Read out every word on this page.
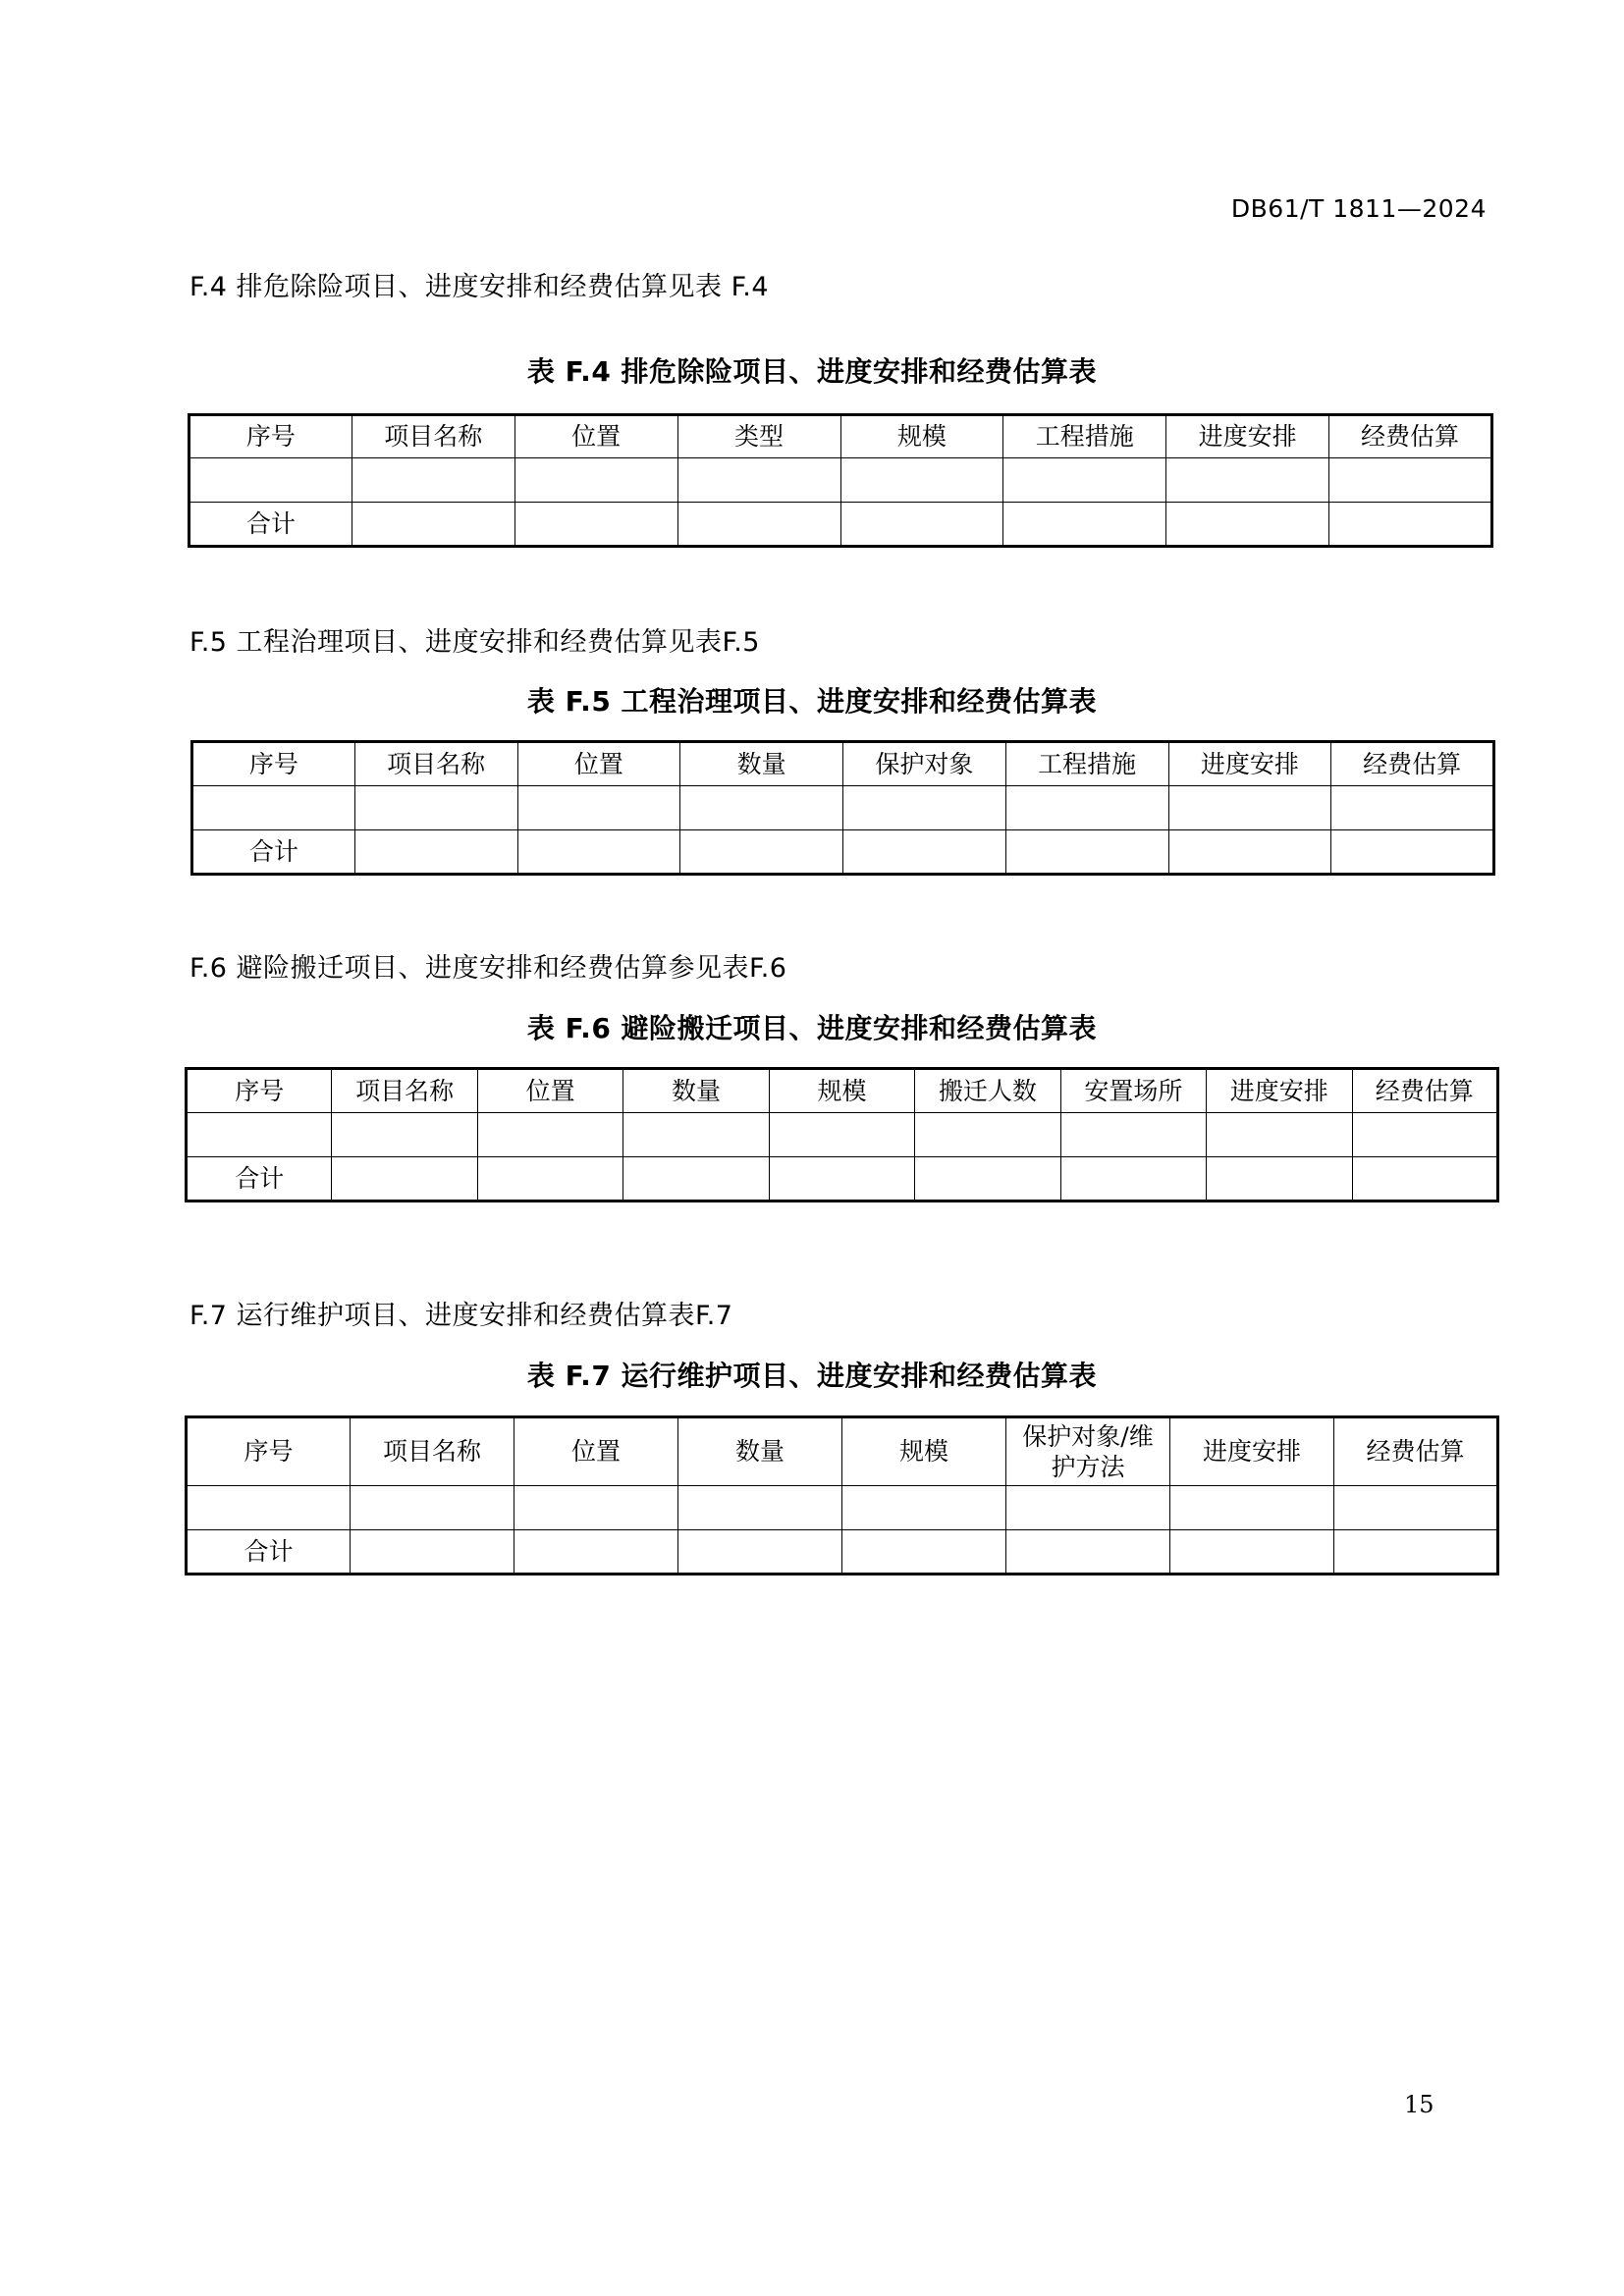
DB61/T 1811—2024
F.4 排危除险项目、进度安排和经费估算见表 F.4
表 F.4 排危除险项目、进度安排和经费估算表
序号	项目名称	位置	类型	规模	工程措施	进度安排	经费估算

合计							
F.5 工程治理项目、进度安排和经费估算见表F.5
表 F.5 工程治理项目、进度安排和经费估算表
序号	项目名称	位置	数量	保护对象	工程措施	进度安排	经费估算

合计							
F.6 避险搬迁项目、进度安排和经费估算参见表F.6
表 F.6 避险搬迁项目、进度安排和经费估算表
序号	项目名称	位置	数量	规模	搬迁人数	安置场所	进度安排	经费估算

合计								
F.7 运行维护项目、进度安排和经费估算表F.7
表 F.7 运行维护项目、进度安排和经费估算表
序号	项目名称	位置	数量	规模	保护对象/维护方法	进度安排	经费估算

合计							
15
